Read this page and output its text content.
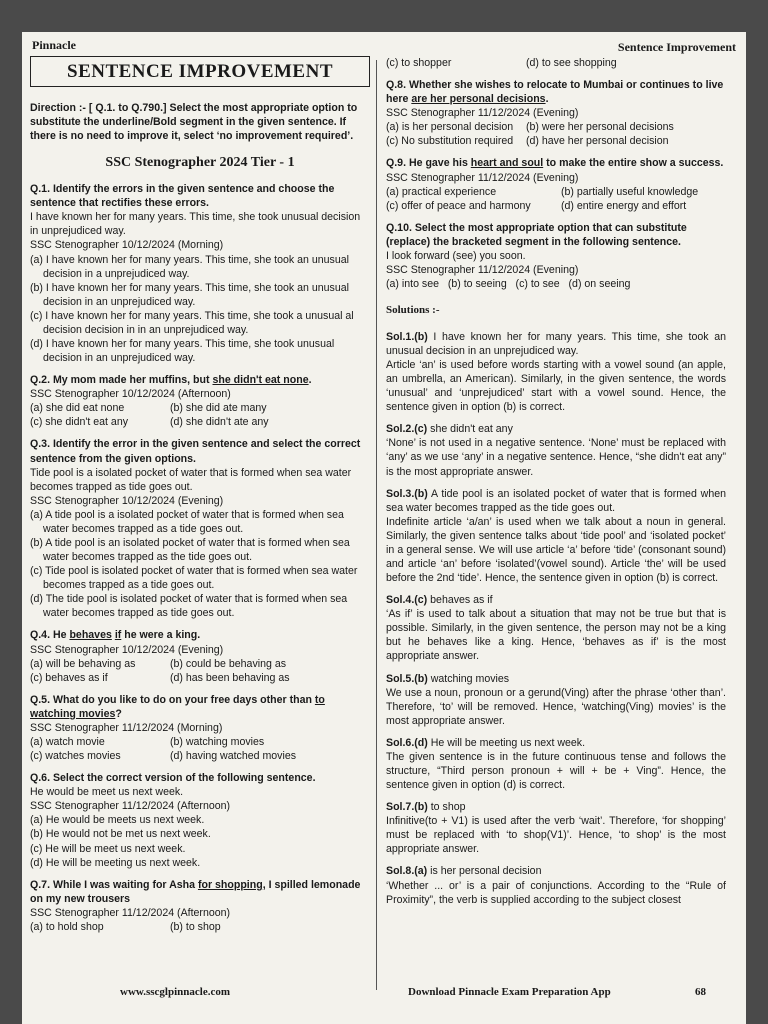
Pinnacle	Sentence Improvement
SENTENCE IMPROVEMENT
Direction :- [ Q.1. to Q.790.] Select the most appropriate option to substitute the underline/Bold segment in the given sentence. If there is no need to improve it, select ‘no improvement required’.
SSC Stenographer 2024 Tier - 1
Q.1. Identify the errors in the given sentence and choose the sentence that rectifies these errors.
I have known her for many years. This time, she took unusual decision in unprejudiced way.
SSC Stenographer 10/12/2024 (Morning)
(a) I have known her for many years. This time, she took an unusual decision in a unprejudiced way.
(b) I have known her for many years. This time, she took an unusual decision in an unprejudiced way.
(c) I have known her for many years. This time, she took a unusual al decision decision in in an unprejudiced way.
(d) I have known her for many years. This time, she took unusual decision in an unprejudiced way.
Q.2. My mom made her muffins, but she didn't eat none.
SSC Stenographer 10/12/2024 (Afternoon)
(a) she did eat none	(b) she did ate many
(c) she didn't eat any	(d) she didn't ate any
Q.3. Identify the error in the given sentence and select the correct sentence from the given options.
Tide pool is a isolated pocket of water that is formed when sea water becomes trapped as tide goes out.
SSC Stenographer 10/12/2024 (Evening)
(a) A tide pool is a isolated pocket of water that is formed when sea water becomes trapped as a tide goes out.
(b) A tide pool is an isolated pocket of water that is formed when sea water becomes trapped as the tide goes out.
(c) Tide pool is isolated pocket of water that is formed when sea water becomes trapped as a tide goes out.
(d) The tide pool is isolated pocket of water that is formed when sea water becomes trapped as tide goes out.
Q.4. He behaves if he were a king.
SSC Stenographer 10/12/2024 (Evening)
(a) will be behaving as	(b) could be behaving as
(c) behaves as if	(d) has been behaving as
Q.5. What do you like to do on your free days other than to watching movies?
SSC Stenographer 11/12/2024 (Morning)
(a) watch movie	(b) watching movies
(c) watches movies	(d) having watched movies
Q.6. Select the correct version of the following sentence.
He would be meet us next week.
SSC Stenographer 11/12/2024 (Afternoon)
(a) He would be meets us next week.
(b) He would not be met us next week.
(c) He will be meet us next week.
(d) He will be meeting us next week.
Q.7. While I was waiting for Asha for shopping, I spilled lemonade on my new trousers
SSC Stenographer 11/12/2024 (Afternoon)
(a) to hold shop	(b) to shop
(c) to shopper	(d) to see shopping
Q.8. Whether she wishes to relocate to Mumbai or continues to live here are her personal decisions.
SSC Stenographer 11/12/2024 (Evening)
(a) is her personal decision	(b) were her personal decisions
(c) No substitution required	(d) have her personal decision
Q.9. He gave his heart and soul to make the entire show a success.
SSC Stenographer 11/12/2024 (Evening)
(a) practical experience	(b) partially useful knowledge
(c) offer of peace and harmony	(d) entire energy and effort
Q.10. Select the most appropriate option that can substitute (replace) the bracketed segment in the following sentence.
I look forward (see) you soon.
SSC Stenographer 11/12/2024 (Evening)
(a) into see   (b) to seeing   (c) to see   (d) on seeing
Solutions :-
Sol.1.(b) I have known her for many years. This time, she took an unusual decision in an unprejudiced way.
Article ‘an’ is used before words starting with a vowel sound (an apple, an umbrella, an American). Similarly, in the given sentence, the words ‘unusual’ and ‘unprejudiced’ start with a vowel sound. Hence, the sentence given in option (b) is correct.
Sol.2.(c) she didn't eat any
‘None’ is not used in a negative sentence. ‘None’ must be replaced with ‘any’ as we use ‘any’ in a negative sentence. Hence, “she didn't eat any” is the most appropriate answer.
Sol.3.(b) A tide pool is an isolated pocket of water that is formed when sea water becomes trapped as the tide goes out.
Indefinite article ‘a/an’ is used when we talk about a noun in general. Similarly, the given sentence talks about ‘tide pool’ and ‘isolated pocket’ in a general sense. We will use article ‘a’ before ‘tide’ (consonant sound) and article ‘an’ before ‘isolated’(vowel sound). Article ‘the’ will be used before the 2nd ‘tide’. Hence, the sentence given in option (b) is correct.
Sol.4.(c) behaves as if
‘As if’ is used to talk about a situation that may not be true but that is possible. Similarly, in the given sentence, the person may not be a king but he behaves like a king. Hence, ‘behaves as if’ is the most appropriate answer.
Sol.5.(b) watching movies
We use a noun, pronoun or a gerund(Ving) after the phrase ‘other than’. Therefore, ‘to’ will be removed. Hence, ‘watching(Ving) movies’ is the most appropriate answer.
Sol.6.(d) He will be meeting us next week.
The given sentence is in the future continuous tense and follows the structure, “Third person pronoun + will + be + Ving”. Hence, the sentence given in option (d) is correct.
Sol.7.(b) to shop
Infinitive(to + V1) is used after the verb ‘wait’. Therefore, ‘for shopping’ must be replaced with ‘to shop(V1)’. Hence, ‘to shop’ is the most appropriate answer.
Sol.8.(a) is her personal decision
‘Whether ... or’ is a pair of conjunctions. According to the “Rule of Proximity”, the verb is supplied according to the subject closest
www.sscglpinnacle.com	Download Pinnacle Exam Preparation App	68
